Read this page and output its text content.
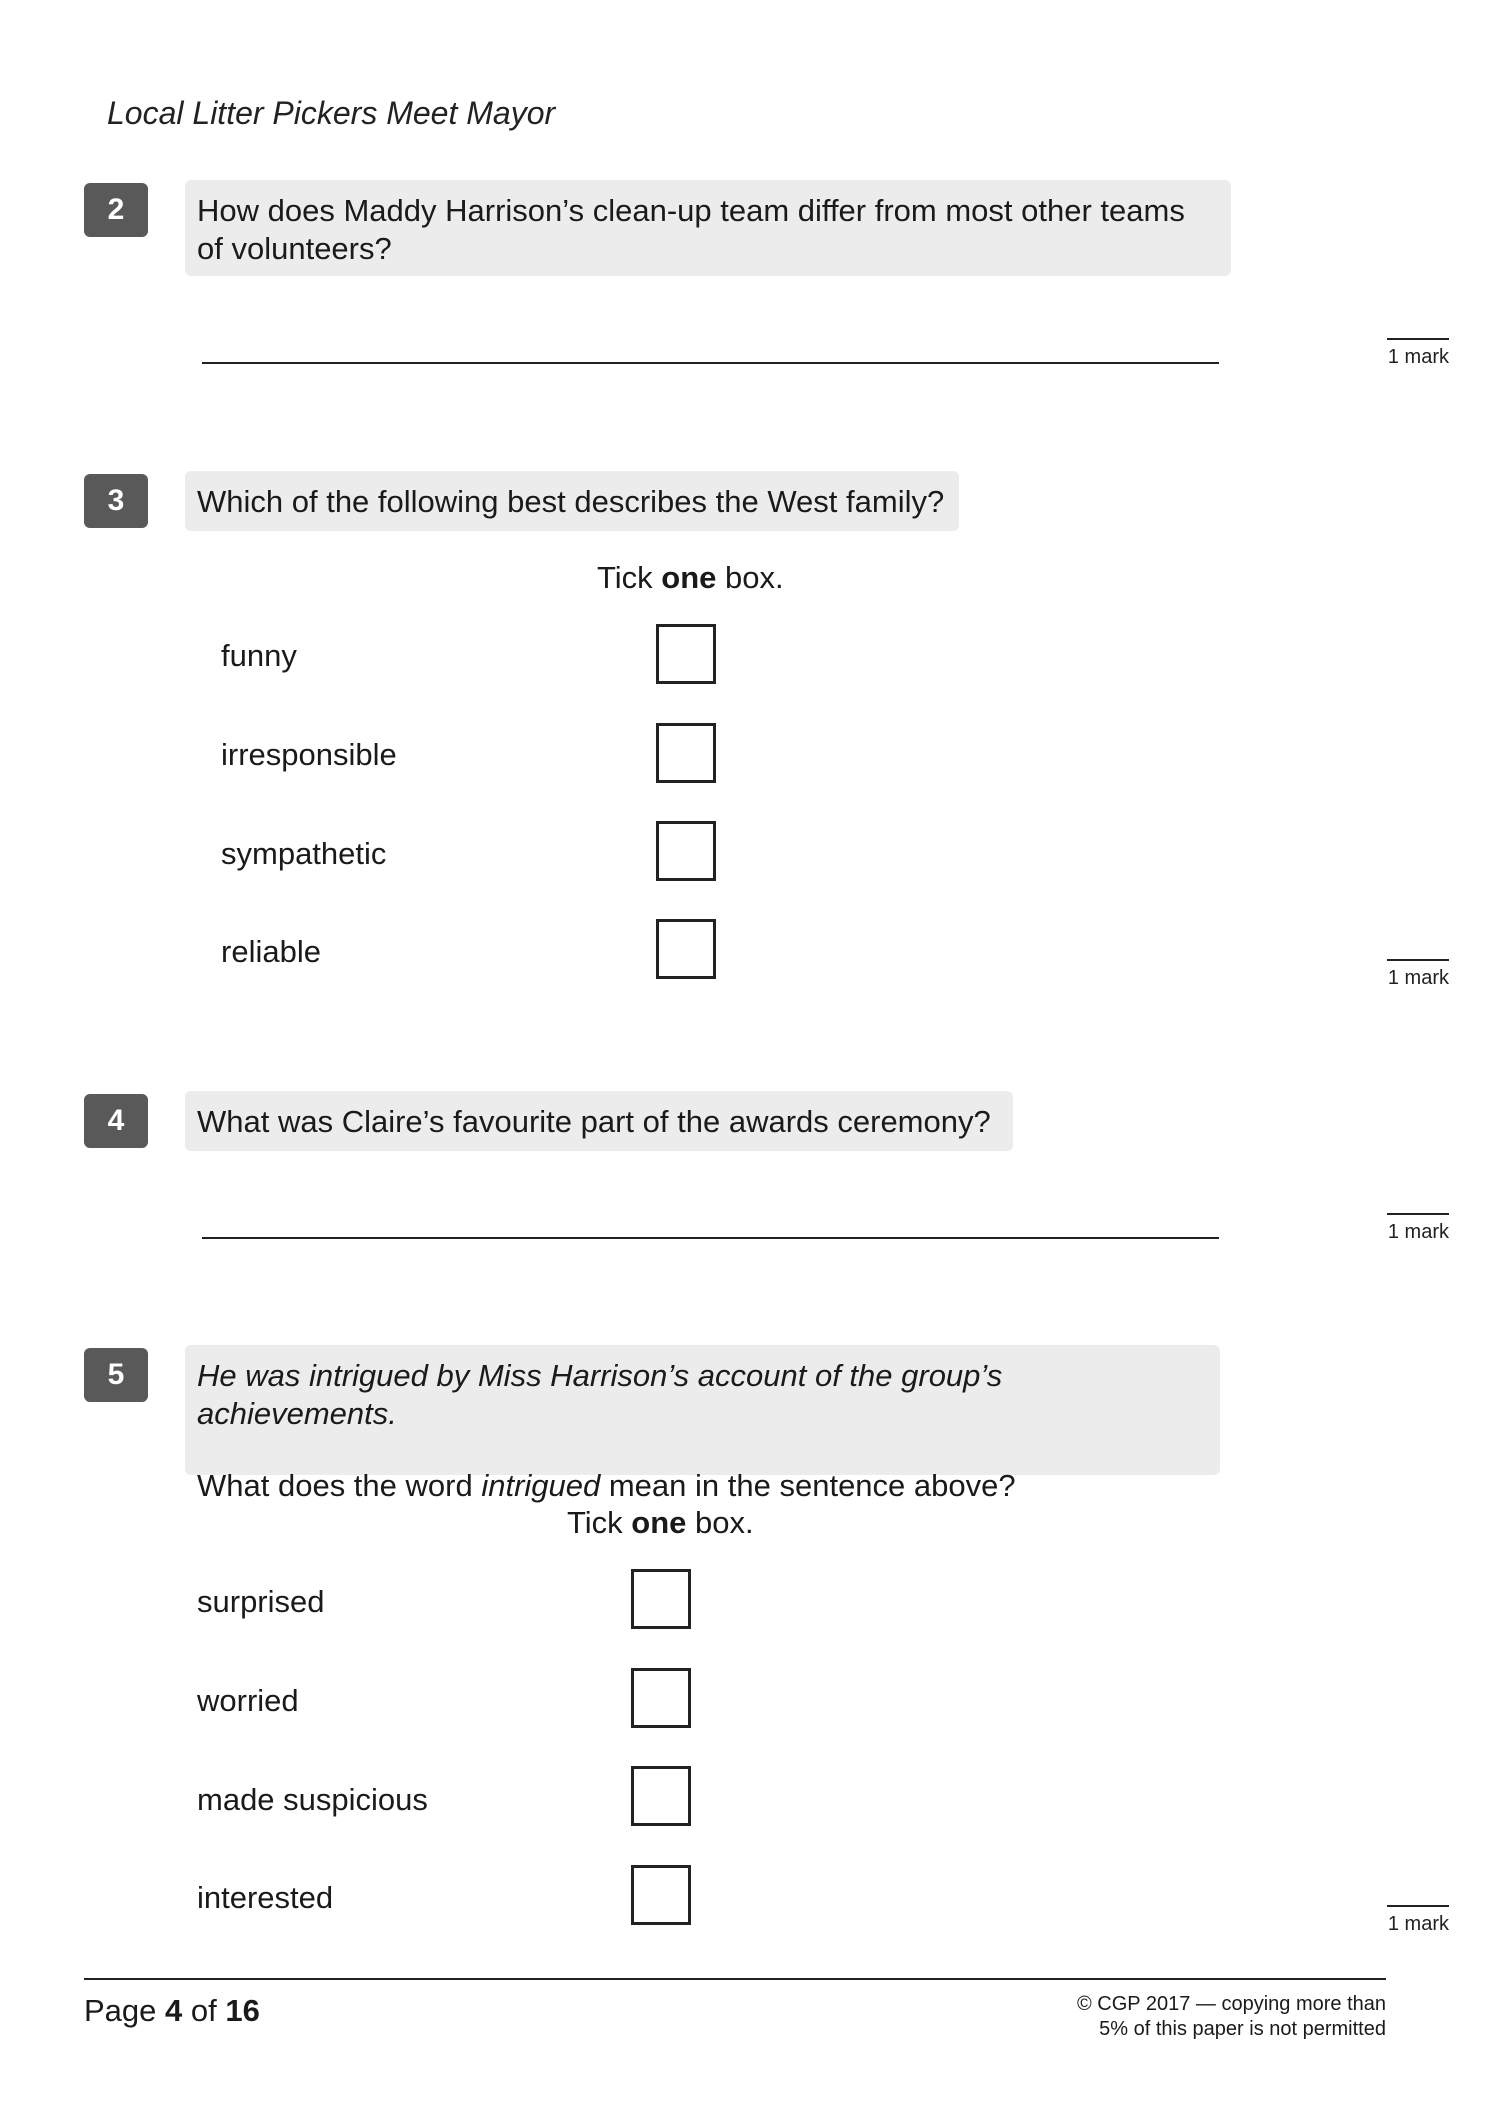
Local Litter Pickers Meet Mayor
2	How does Maddy Harrison’s clean-up team differ from most other teams of volunteers?
1 mark
3	Which of the following best describes the West family?
Tick one box.
funny
irresponsible
sympathetic
reliable
1 mark
4	What was Claire’s favourite part of the awards ceremony?
1 mark
5	He was intrigued by Miss Harrison’s account of the group’s achievements.
What does the word intrigued mean in the sentence above?
Tick one box.
surprised
worried
made suspicious
interested
1 mark
Page 4 of 16	© CGP 2017 — copying more than
5% of this paper is not permitted
